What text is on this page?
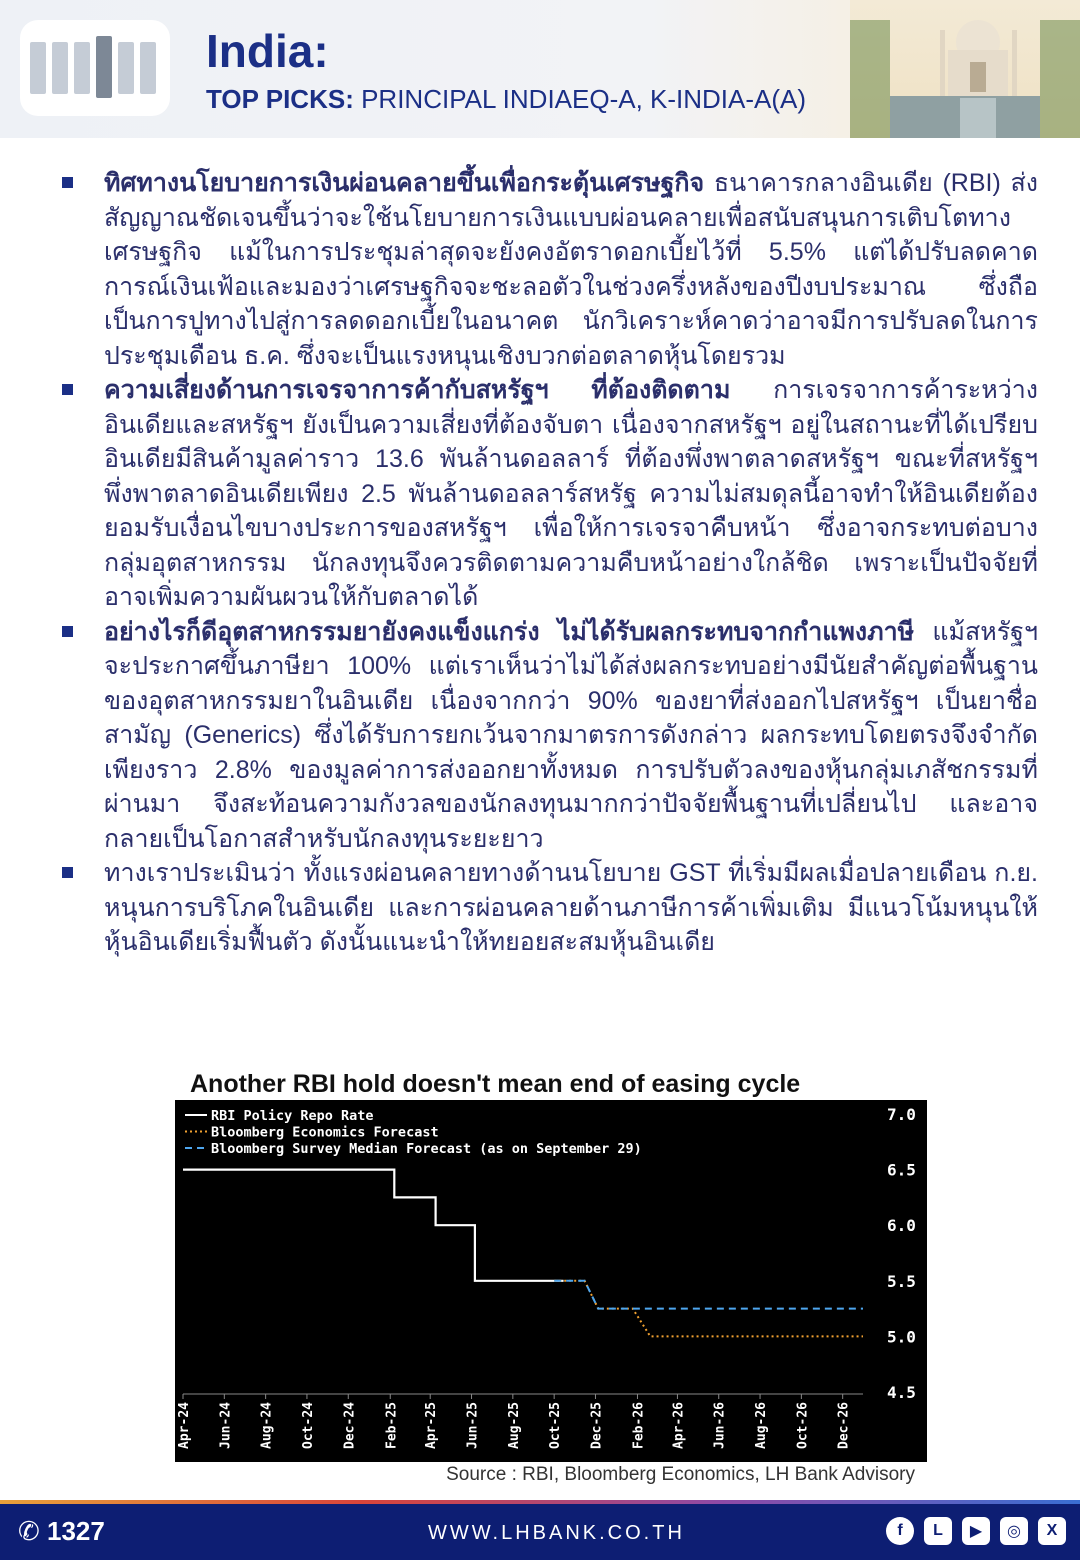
India:
TOP PICKS: PRINCIPAL INDIAEQ-A, K-INDIA-A(A)
ทิศทางนโยบายการเงินผ่อนคลายขึ้นเพื่อกระตุ้นเศรษฐกิจ ธนาคารกลางอินเดีย (RBI) ส่งสัญญาณชัดเจนขึ้นว่าจะใช้นโยบายการเงินแบบผ่อนคลายเพื่อสนับสนุนการเติบโตทางเศรษฐกิจ แม้ในการประชุมล่าสุดจะยังคงอัตราดอกเบี้ยไว้ที่ 5.5% แต่ได้ปรับลดคาดการณ์เงินเฟ้อและมองว่าเศรษฐกิจจะชะลอตัวในช่วงครึ่งหลังของปีงบประมาณ ซึ่งถือเป็นการปูทางไปสู่การลดดอกเบี้ยในอนาคต นักวิเคราะห์คาดว่าอาจมีการปรับลดในการประชุมเดือน ธ.ค. ซึ่งจะเป็นแรงหนุนเชิงบวกต่อตลาดหุ้นโดยรวม
ความเสี่ยงด้านการเจรจาการค้ากับสหรัฐฯ ที่ต้องติดตาม การเจรจาการค้าระหว่างอินเดียและสหรัฐฯ ยังเป็นความเสี่ยงที่ต้องจับตา เนื่องจากสหรัฐฯ อยู่ในสถานะที่ได้เปรียบ อินเดียมีสินค้ามูลค่าราว 13.6 พันล้านดอลลาร์ ที่ต้องพึ่งพาตลาดสหรัฐฯ ขณะที่สหรัฐฯ พึ่งพาตลาดอินเดียเพียง 2.5 พันล้านดอลลาร์สหรัฐ ความไม่สมดุลนี้อาจทำให้อินเดียต้องยอมรับเงื่อนไขบางประการของสหรัฐฯ เพื่อให้การเจรจาคืบหน้า ซึ่งอาจกระทบต่อบางกลุ่มอุตสาหกรรม นักลงทุนจึงควรติดตามความคืบหน้าอย่างใกล้ชิด เพราะเป็นปัจจัยที่อาจเพิ่มความผันผวนให้กับตลาดได้
อย่างไรก็ดีอุตสาหกรรมยายังคงแข็งแกร่ง ไม่ได้รับผลกระทบจากกำแพงภาษี แม้สหรัฐฯ จะประกาศขึ้นภาษียา 100% แต่เราเห็นว่าไม่ได้ส่งผลกระทบอย่างมีนัยสำคัญต่อพื้นฐานของอุตสาหกรรมยาในอินเดีย เนื่องจากกว่า 90% ของยาที่ส่งออกไปสหรัฐฯ เป็นยาชื่อสามัญ (Generics) ซึ่งได้รับการยกเว้นจากมาตรการดังกล่าว ผลกระทบโดยตรงจึงจำกัดเพียงราว 2.8% ของมูลค่าการส่งออกยาทั้งหมด การปรับตัวลงของหุ้นกลุ่มเภสัชกรรมที่ผ่านมา จึงสะท้อนความกังวลของนักลงทุนมากกว่าปัจจัยพื้นฐานที่เปลี่ยนไป และอาจกลายเป็นโอกาสสำหรับนักลงทุนระยะยาว
ทางเราประเมินว่า ทั้งแรงผ่อนคลายทางด้านนโยบาย GST ที่เริ่มมีผลเมื่อปลายเดือน ก.ย. หนุนการบริโภคในอินเดีย และการผ่อนคลายด้านภาษีการค้าเพิ่มเติม มีแนวโน้มหนุนให้หุ้นอินเดียเริ่มฟื้นตัว ดังนั้นแนะนำให้ทยอยสะสมหุ้นอินเดีย
Another RBI hold doesn't mean end of easing cycle
7.0
6.5
6.0
5.5
5.0
4.5
Apr-24 Jun-24 Aug-24 Oct-24 Dec-24 Feb-25 Apr-25 Jun-25 Aug-25 Oct-25 Dec-25 Feb-26 Apr-26 Jun-26 Aug-26 Oct-26 Dec-26
RBI Policy Repo Rate
Bloomberg Economics Forecast
Bloomberg Survey Median Forecast (as on September 29)
Source : RBI, Bloomberg Economics, LH Bank Advisory
✆ 1327	WWW.LHBANK.CO.TH	f	L	▶	◎	X
